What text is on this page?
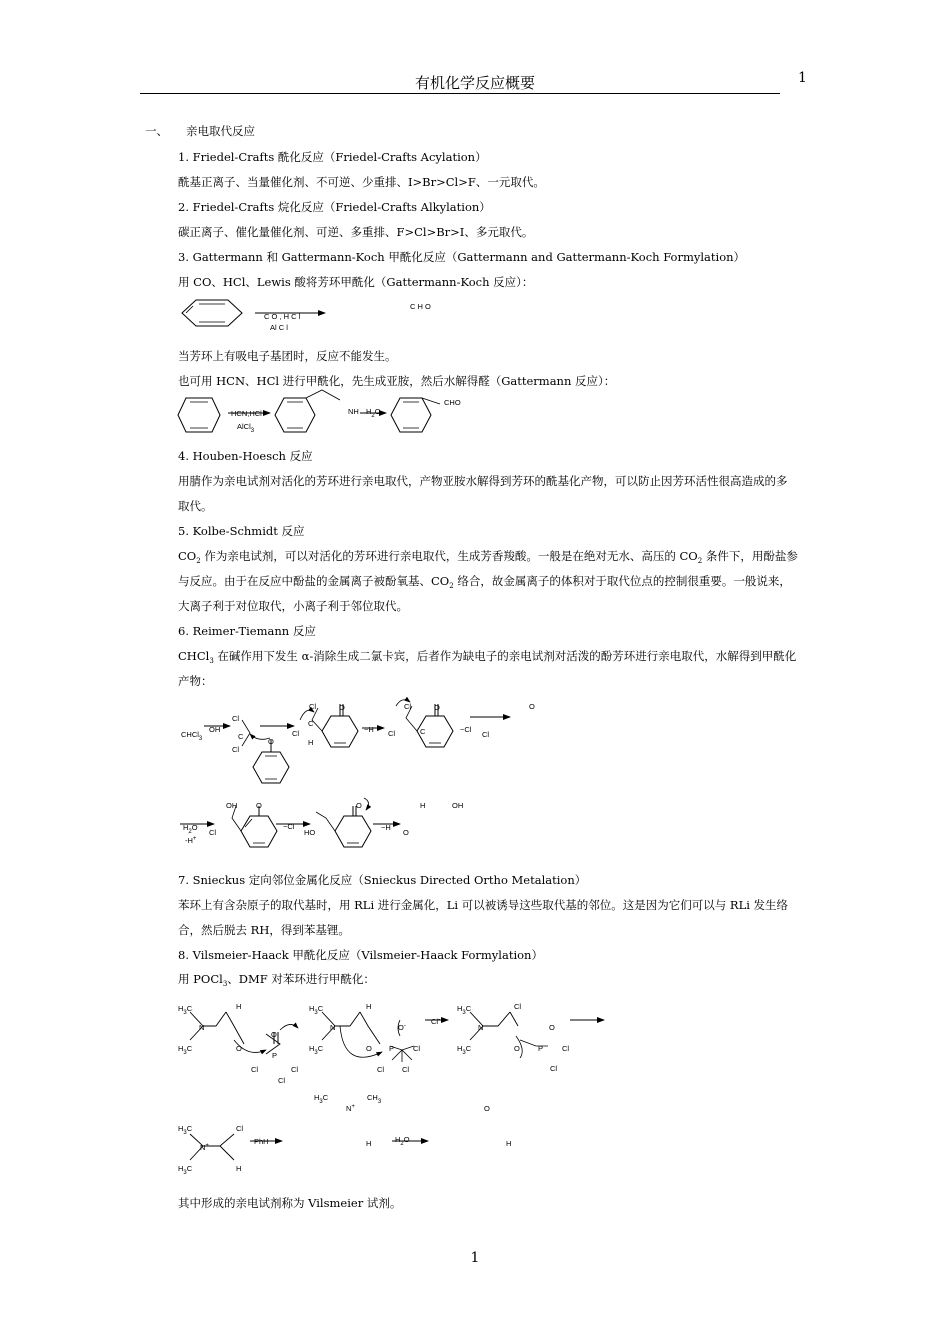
有机化学反应概要	1
一、 亲电取代反应
1. Friedel-Crafts 酰化反应（Friedel-Crafts Acylation）
酰基正离子、当量催化剂、不可逆、少重排、I>Br>Cl>F、一元取代。
2. Friedel-Crafts 烷化反应（Friedel-Crafts Alkylation）
碳正离子、催化量催化剂、可逆、多重排、F>Cl>Br>I、多元取代。
3. Gattermann 和 Gattermann-Koch 甲酰化反应（Gattermann and Gattermann-Koch Formylation）
用 CO、HCl、Lewis 酸将芳环甲酰化（Gattermann-Koch 反应）：
当芳环上有吸电子基团时，反应不能发生。
也可用 HCN、HCl 进行甲酰化，先生成亚胺，然后水解得醛（Gattermann 反应）：
4. Houben-Hoesch 反应
用腈作为亲电试剂对活化的芳环进行亲电取代，产物亚胺水解得到芳环的酰基化产物，可以防止因芳环活性很高造成的多
取代。
5. Kolbe-Schmidt 反应
$CO_2$ 作为亲电试剂，可以对活化的芳环进行亲电取代，生成芳香羧酸。一般是在绝对无水、高压的 $CO_2$ 条件下，用酚盐参
与反应。由于在反应中酚盐的金属离子被酚氧基、$CO_2$ 络合，故金属离子的体积对于取代位点的控制很重要。一般说来，
大离子利于对位取代，小离子利于邻位取代。
6. Reimer-Tiemann 反应
CHCl$_3$ 在碱作用下发生 α-消除生成二氯卡宾，后者作为缺电子的亲电试剂对活泼的酚芳环进行亲电取代，水解得到甲酰化
产物：
7. Snieckus 定向邻位金属化反应（Snieckus Directed Ortho Metalation）
苯环上有含杂原子的取代基时，用 RLi 进行金属化，Li 可以被诱导这些取代基的邻位。这是因为它们可以与 RLi 发生络
合，然后脱去 RH，得到苯基锂。
8. Vilsmeier-Haack 甲酰化反应（Vilsmeier-Haack Formylation）
用 POCl$_3$、DMF 对苯环进行甲酰化：
其中形成的亲电试剂称为 Vilsmeier 试剂。
C O , H C l
Al C l
C H O
HCN,HCl
AlCl$_3$
NH $H_2O$
CHO
CHCl$_3$
OH
Cl
C
Cl
O
Cl
C
Cl
H
O
−H
Cl
Cl	C
O
−Cl
Cl
O
$H_2O$
-H+
Cl
OH	O
−Cl
HO
O
−H
O
H	OH
$H_3C$	H
N
$H_3C$	O
O
P
Cl	Cl
Cl
$H_3C$	H
N
$H_3C$	O
O-
P	Cl
Cl Cl
Cl-
$H_3C$	Cl
N
$H_3C$	O P
O
Cl
Cl
$H_3C$	$CH_3$
N+	O
$H_3C$	Cl
N+	PhH	H	$H_2O$	H
$H_3C$	H
1
